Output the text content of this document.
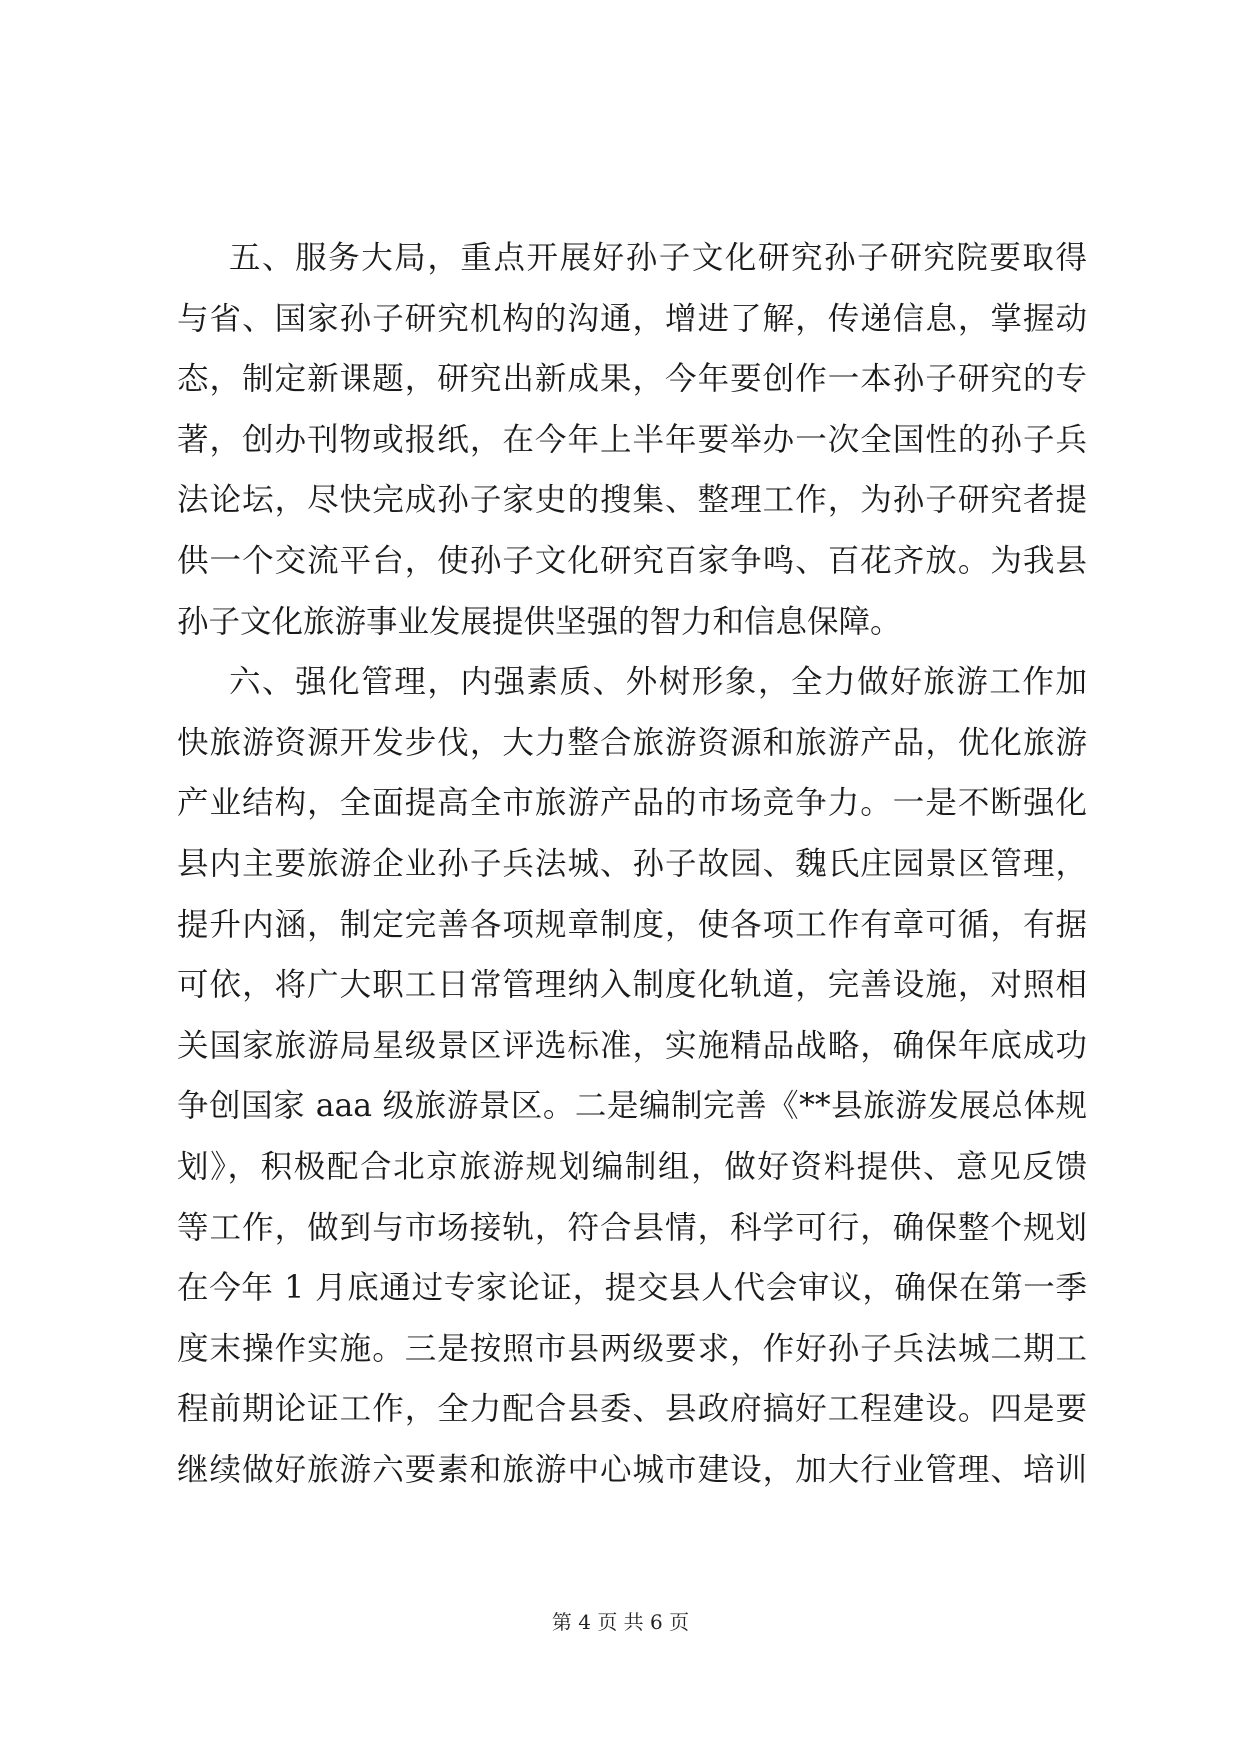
五、服务大局，重点开展好孙子文化研究孙子研究院要取得
与省、国家孙子研究机构的沟通，增进了解，传递信息，掌握动
态，制定新课题，研究出新成果，今年要创作一本孙子研究的专
著，创办刊物或报纸，在今年上半年要举办一次全国性的孙子兵
法论坛，尽快完成孙子家史的搜集、整理工作，为孙子研究者提
供一个交流平台，使孙子文化研究百家争鸣、百花齐放。为我县
孙子文化旅游事业发展提供坚强的智力和信息保障。
六、强化管理，内强素质、外树形象，全力做好旅游工作加
快旅游资源开发步伐，大力整合旅游资源和旅游产品，优化旅游
产业结构，全面提高全市旅游产品的市场竞争力。一是不断强化
县内主要旅游企业孙子兵法城、孙子故园、魏氏庄园景区管理，
提升内涵，制定完善各项规章制度，使各项工作有章可循，有据
可依，将广大职工日常管理纳入制度化轨道，完善设施，对照相
关国家旅游局星级景区评选标准，实施精品战略，确保年底成功
争创国家 aaa 级旅游景区。二是编制完善《**县旅游发展总体规
划》，积极配合北京旅游规划编制组，做好资料提供、意见反馈
等工作，做到与市场接轨，符合县情，科学可行，确保整个规划
在今年 1 月底通过专家论证，提交县人代会审议，确保在第一季
度末操作实施。三是按照市县两级要求，作好孙子兵法城二期工
程前期论证工作，全力配合县委、县政府搞好工程建设。四是要
继续做好旅游六要素和旅游中心城市建设，加大行业管理、培训
第 4 页 共 6 页
